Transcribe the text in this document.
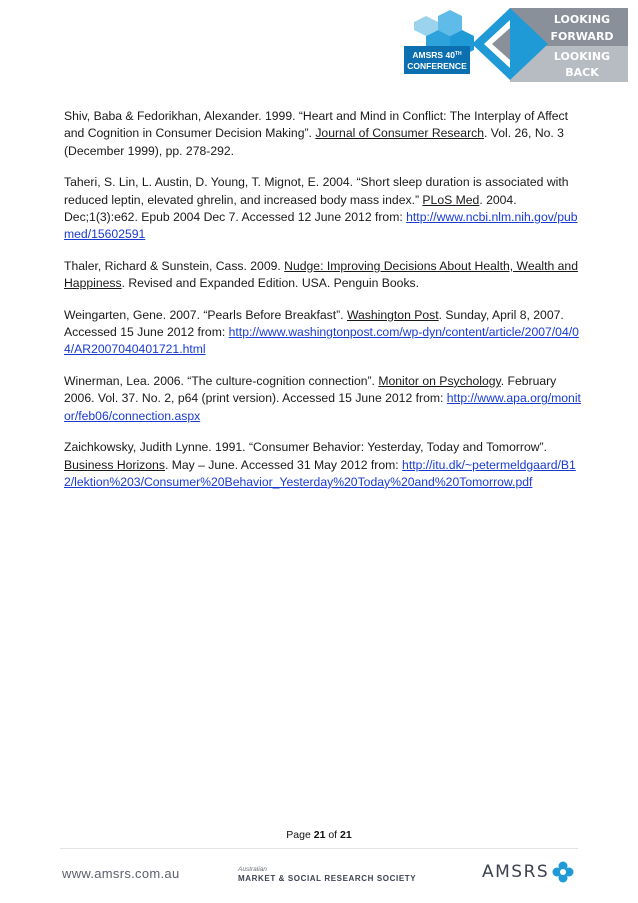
AMSRS 40TH
CONFERENCE
LOOKING
FORWARD
LOOKING
BACK

Shiv, Baba & Fedorikhan, Alexander. 1999. “Heart and Mind in Conflict: The Interplay of Affect and Cognition in Consumer Decision Making”. Journal of Consumer Research. Vol. 26, No. 3 (December 1999), pp. 278-292.

Taheri, S. Lin, L. Austin, D. Young, T. Mignot, E. 2004. “Short sleep duration is associated with reduced leptin, elevated ghrelin, and increased body mass index.” PLoS Med. 2004. Dec;1(3):e62. Epub 2004 Dec 7. Accessed 12 June 2012 from: http://www.ncbi.nlm.nih.gov/pubmed/15602591

Thaler, Richard & Sunstein, Cass. 2009. Nudge: Improving Decisions About Health, Wealth and Happiness. Revised and Expanded Edition. USA. Penguin Books.

Weingarten, Gene. 2007. “Pearls Before Breakfast”. Washington Post. Sunday, April 8, 2007. Accessed 15 June 2012 from: http://www.washingtonpost.com/wp-dyn/content/article/2007/04/04/AR2007040401721.html

Winerman, Lea. 2006. “The culture-cognition connection”. Monitor on Psychology. February 2006. Vol. 37. No. 2, p64 (print version). Accessed 15 June 2012 from: http://www.apa.org/monitor/feb06/connection.aspx

Zaichkowsky, Judith Lynne. 1991. “Consumer Behavior: Yesterday, Today and Tomorrow”. Business Horizons. May – June. Accessed 31 May 2012 from: http://itu.dk/~petermeldgaard/B12/lektion%203/Consumer%20Behavior_Yesterday%20Today%20and%20Tomorrow.pdf

Page 21 of 21
www.amsrs.com.au	Australian
MARKET & SOCIAL RESEARCH SOCIETY	AMSRS
